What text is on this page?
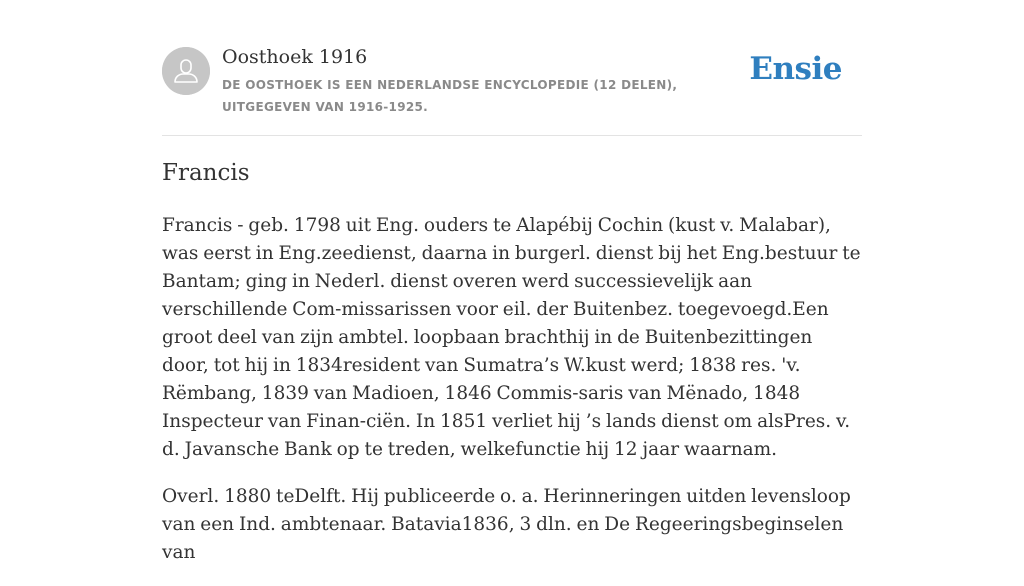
Oosthoek 1916
DE OOSTHOEK IS EEN NEDERLANDSE ENCYCLOPEDIE (12 DELEN), UITGEGEVEN VAN 1916-1925.
Ensie
Francis

Francis - geb. 1798 uit Eng. ouders te Alapébij Cochin (kust v. Malabar), was eerst in Eng.zeedienst, daarna in burgerl. dienst bij het Eng.bestuur te Bantam; ging in Nederl. dienst overen werd successievelijk aan verschillende Com-missarissen voor eil. der Buitenbez. toegevoegd.Een groot deel van zijn ambtel. loopbaan brachthij in de Buitenbezittingen door, tot hij in 1834resident van Sumatra’s W.kust werd; 1838 res. 'v. Rëmbang, 1839 van Madioen, 1846 Commis-saris van Mënado, 1848 Inspecteur van Finan-ciën. In 1851 verliet hij ’s lands dienst om alsPres. v. d. Javansche Bank op te treden, welkefunctie hij 12 jaar waarnam.

Overl. 1880 teDelft. Hij publiceerde o. a. Herinneringen uitden levensloop van een Ind. ambtenaar. Batavia1836, 3 dln. en De Regeeringsbeginselen van
